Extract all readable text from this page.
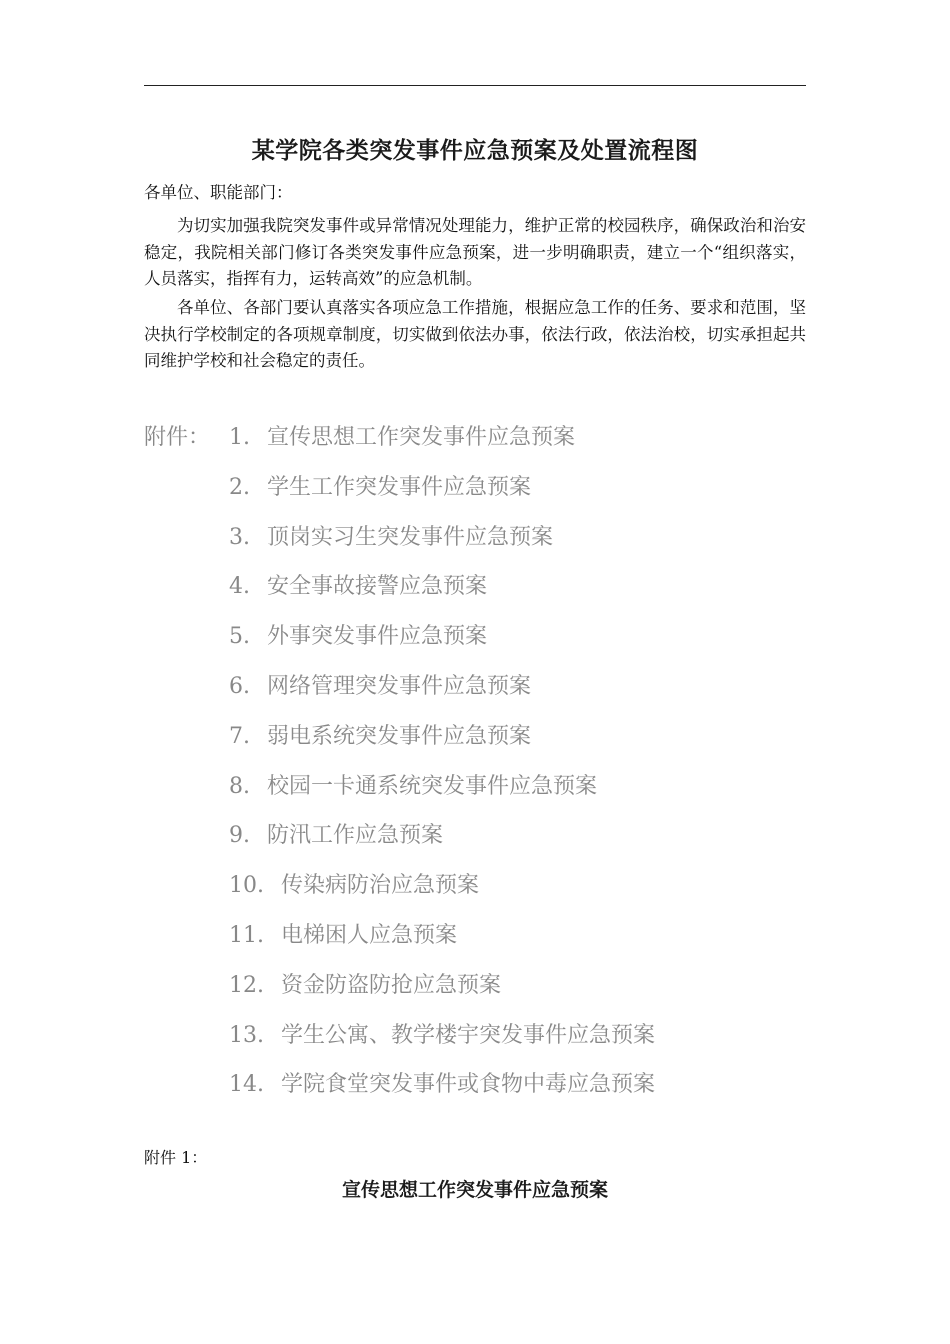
某学院各类突发事件应急预案及处置流程图
各单位、职能部门：

为切实加强我院突发事件或异常情况处理能力，维护正常的校园秩序，确保政治和治安稳定，我院相关部门修订各类突发事件应急预案，进一步明确职责，建立一个“组织落实，人员落实，指挥有力，运转高效”的应急机制。

各单位、各部门要认真落实各项应急工作措施，根据应急工作的任务、要求和范围，坚决执行学校制定的各项规章制度，切实做到依法办事，依法行政，依法治校，切实承担起共同维护学校和社会稳定的责任。

附件： 1. 宣传思想工作突发事件应急预案
2. 学生工作突发事件应急预案
3. 顶岗实习生突发事件应急预案
4. 安全事故接警应急预案
5. 外事突发事件应急预案
6. 网络管理突发事件应急预案
7. 弱电系统突发事件应急预案
8. 校园一卡通系统突发事件应急预案
9. 防汛工作应急预案
10. 传染病防治应急预案
11. 电梯困人应急预案
12. 资金防盗防抢应急预案
13. 学生公寓、教学楼宇突发事件应急预案
14. 学院食堂突发事件或食物中毒应急预案
附件 1：
宣传思想工作突发事件应急预案
